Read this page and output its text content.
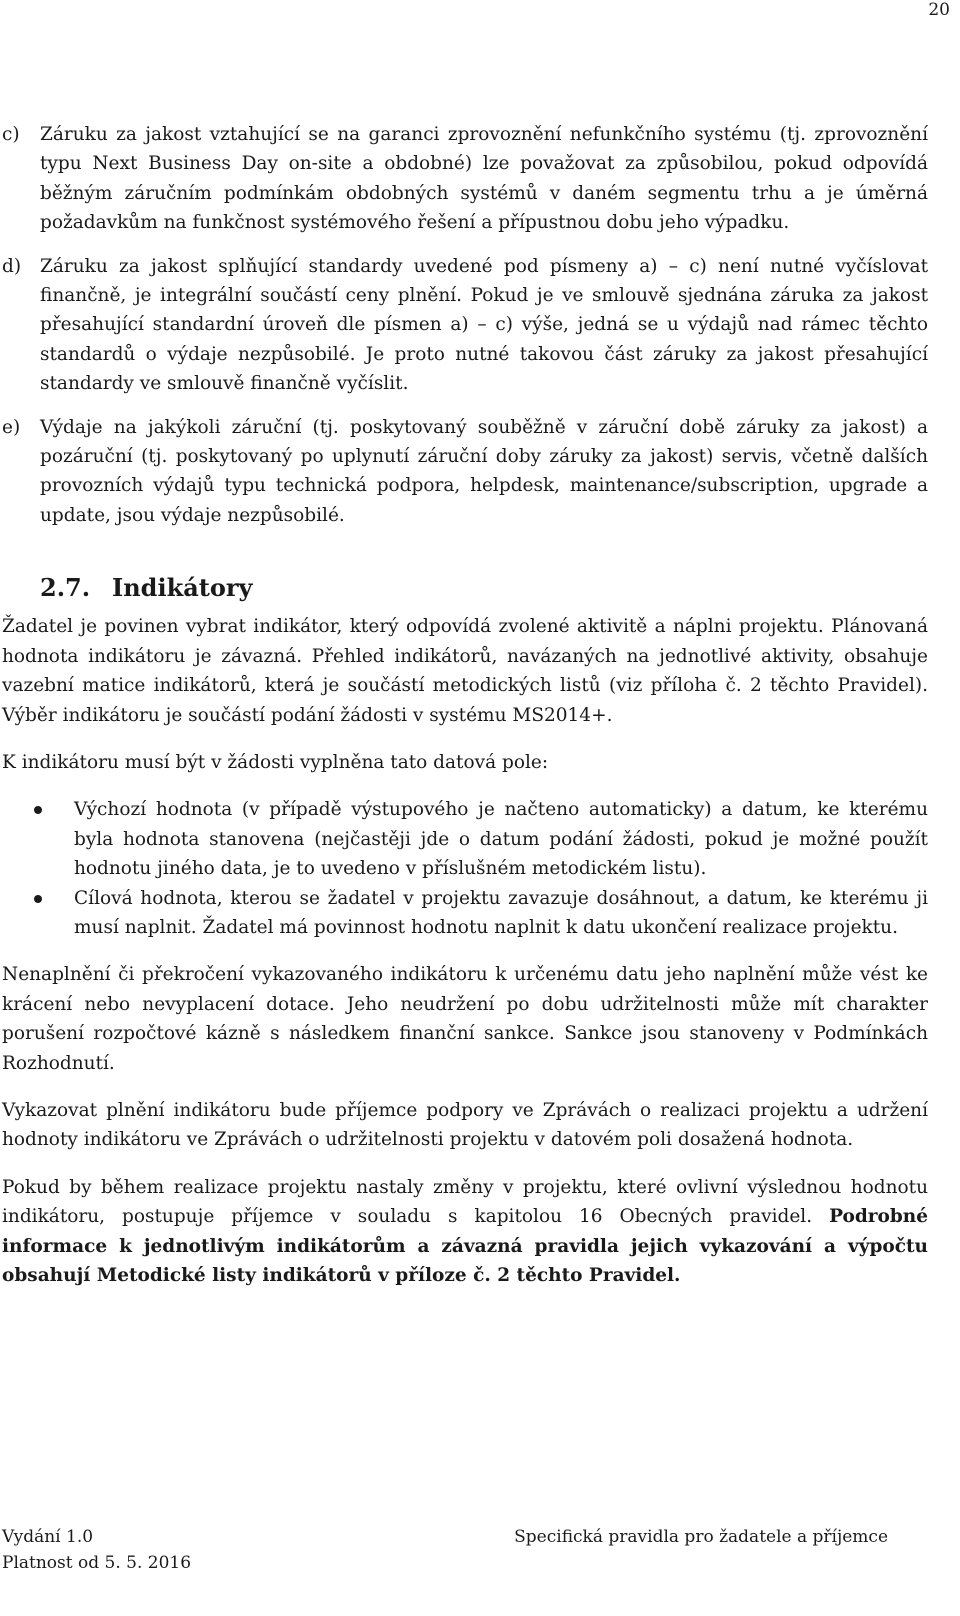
20
c)	Záruku za jakost vztahující se na garanci zprovoznění nefunkčního systému (tj. zprovoznění typu Next Business Day on-site a obdobné) lze považovat za způsobilou, pokud odpovídá běžným záručním podmínkám obdobných systémů v daném segmentu trhu a je úměrná požadavkům na funkčnost systémového řešení a přípustnou dobu jeho výpadku.
d)	Záruku za jakost splňující standardy uvedené pod písmeny a) – c) není nutné vyčíslovat finančně, je integrální součástí ceny plnění. Pokud je ve smlouvě sjednána záruka za jakost přesahující standardní úroveň dle písmen a) – c) výše, jedná se u výdajů nad rámec těchto standardů o výdaje nezpůsobilé. Je proto nutné takovou část záruky za jakost přesahující standardy ve smlouvě finančně vyčíslit.
e)	Výdaje na jakýkoli záruční (tj. poskytovaný souběžně v záruční době záruky za jakost) a pozáruční (tj. poskytovaný po uplynutí záruční doby záruky za jakost) servis, včetně dalších provozních výdajů typu technická podpora, helpdesk, maintenance/subscription, upgrade a update, jsou výdaje nezpůsobilé.
2.7. Indikátory
Žadatel je povinen vybrat indikátor, který odpovídá zvolené aktivitě a náplni projektu. Plánovaná hodnota indikátoru je závazná. Přehled indikátorů, navázaných na jednotlivé aktivity, obsahuje vazební matice indikátorů, která je součástí metodických listů (viz příloha č. 2 těchto Pravidel). Výběr indikátoru je součástí podání žádosti v systému MS2014+.
K indikátoru musí být v žádosti vyplněna tato datová pole:
Výchozí hodnota (v případě výstupového je načteno automaticky) a datum, ke kterému byla hodnota stanovena (nejčastěji jde o datum podání žádosti, pokud je možné použít hodnotu jiného data, je to uvedeno v příslušném metodickém listu).
Cílová hodnota, kterou se žadatel v projektu zavazuje dosáhnout, a datum, ke kterému ji musí naplnit. Žadatel má povinnost hodnotu naplnit k datu ukončení realizace projektu.
Nenaplnění či překročení vykazovaného indikátoru k určenému datu jeho naplnění může vést ke krácení nebo nevyplacení dotace. Jeho neudržení po dobu udržitelnosti může mít charakter porušení rozpočtové kázně s následkem finanční sankce. Sankce jsou stanoveny v Podmínkách Rozhodnutí.
Vykazovat plnění indikátoru bude příjemce podpory ve Zprávách o realizaci projektu a udržení hodnoty indikátoru ve Zprávách o udržitelnosti projektu v datovém poli dosažená hodnota.
Pokud by během realizace projektu nastaly změny v projektu, které ovlivní výslednou hodnotu indikátoru, postupuje příjemce v souladu s kapitolou 16 Obecných pravidel. Podrobné informace k jednotlivým indikátorům a závazná pravidla jejich vykazování a výpočtu obsahují Metodické listy indikátorů v příloze č. 2 těchto Pravidel.
Vydání 1.0
Platnost od 5. 5. 2016
Specifická pravidla pro žadatele a příjemce
